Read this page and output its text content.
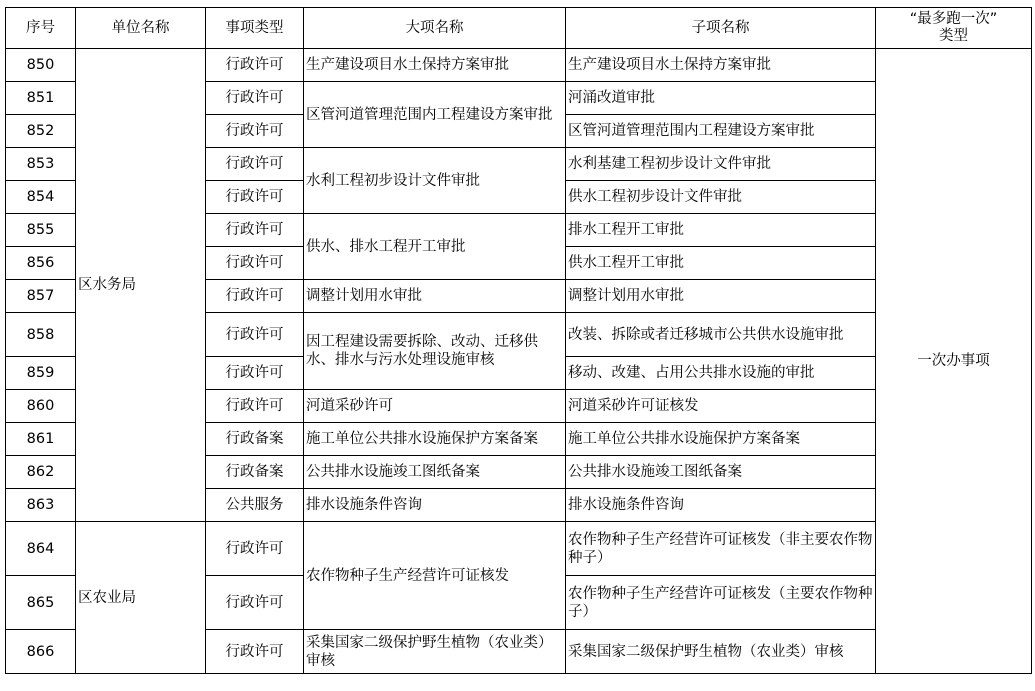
序号	单位名称	事项类型	大项名称	子项名称	“最多跑一次”
类型
850	区水务局	行政许可	生产建设项目水土保持方案审批	生产建设项目水土保持方案审批	一次办事项
851		行政许可	区管河道管理范围内工程建设方案审批	河涌改道审批	
852		行政许可		区管河道管理范围内工程建设方案审批	
853		行政许可	水利工程初步设计文件审批	水利基建工程初步设计文件审批	
854		行政许可		供水工程初步设计文件审批	
855		行政许可	供水、排水工程开工审批	排水工程开工审批	
856		行政许可		供水工程开工审批	
857		行政许可	调整计划用水审批	调整计划用水审批	
858		行政许可	因工程建设需要拆除、改动、迁移供水、排水与污水处理设施审核	改装、拆除或者迁移城市公共供水设施审批	
859		行政许可		移动、改建、占用公共排水设施的审批	
860		行政许可	河道采砂许可	河道采砂许可证核发	
861		行政备案	施工单位公共排水设施保护方案备案	施工单位公共排水设施保护方案备案	
862		行政备案	公共排水设施竣工图纸备案	公共排水设施竣工图纸备案	
863		公共服务	排水设施条件咨询	排水设施条件咨询	
864	区农业局	行政许可	农作物种子生产经营许可证核发	农作物种子生产经营许可证核发（非主要农作物种子）	
865		行政许可		农作物种子生产经营许可证核发（主要农作物种子）	
866		行政许可	采集国家二级保护野生植物（农业类）审核	采集国家二级保护野生植物（农业类）审核	
